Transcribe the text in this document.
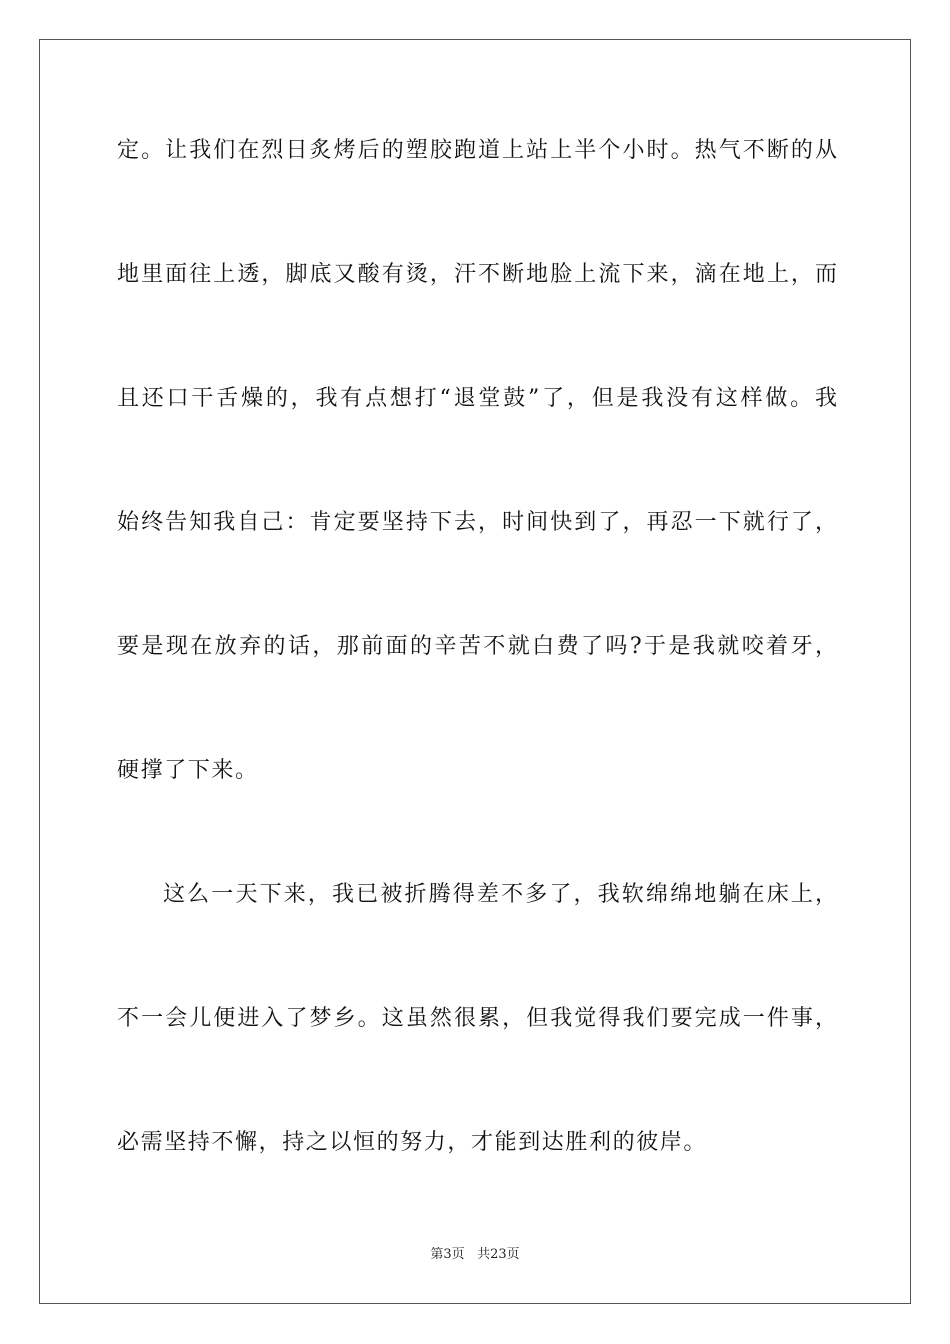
定。让我们在烈日炙烤后的塑胶跑道上站上半个小时。热气不断的从
地里面往上透，脚底又酸有烫，汗不断地脸上流下来，滴在地上，而
且还口干舌燥的，我有点想打“退堂鼓”了，但是我没有这样做。我
始终告知我自己：肯定要坚持下去，时间快到了，再忍一下就行了，
要是现在放弃的话，那前面的辛苦不就白费了吗?于是我就咬着牙，
硬撑了下来。
这么一天下来，我已被折腾得差不多了，我软绵绵地躺在床上，
不一会儿便进入了梦乡。这虽然很累，但我觉得我们要完成一件事，
必需坚持不懈，持之以恒的努力，才能到达胜利的彼岸。
第3页 共23页
